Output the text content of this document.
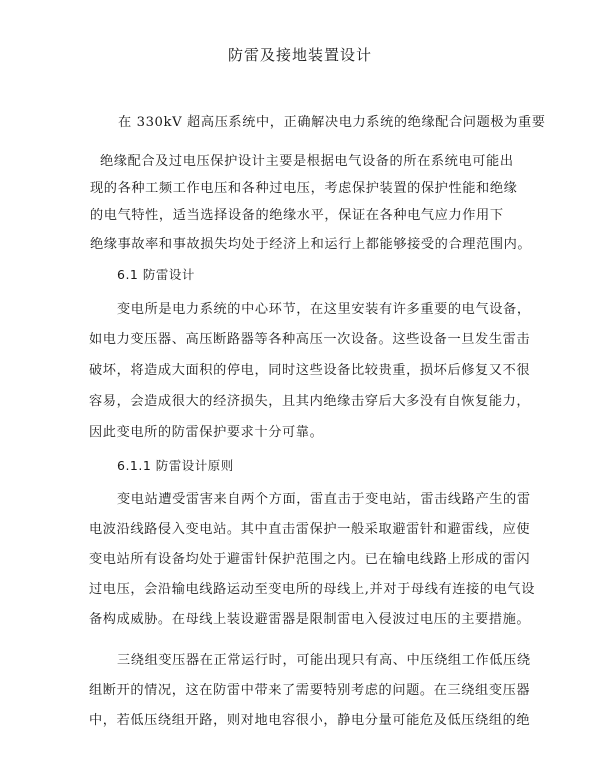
防雷及接地装置设计
在 330kV 超高压系统中，正确解决电力系统的绝缘配合问题极为重要
绝缘配合及过电压保护设计主要是根据电气设备的所在系统电可能出
现的各种工频工作电压和各种过电压，考虑保护装置的保护性能和绝缘
的电气特性，适当选择设备的绝缘水平，保证在各种电气应力作用下
绝缘事故率和事故损失均处于经济上和运行上都能够接受的合理范围内。
6.1 防雷设计
变电所是电力系统的中心环节，在这里安装有许多重要的电气设备，
如电力变压器、高压断路器等各种高压一次设备。这些设备一旦发生雷击
破坏，将造成大面积的停电，同时这些设备比较贵重，损坏后修复又不很
容易，会造成很大的经济损失，且其内绝缘击穿后大多没有自恢复能力，
因此变电所的防雷保护要求十分可靠。
6.1.1 防雷设计原则
变电站遭受雷害来自两个方面，雷直击于变电站，雷击线路产生的雷
电波沿线路侵入变电站。其中直击雷保护一般采取避雷针和避雷线，应使
变电站所有设备均处于避雷针保护范围之内。已在输电线路上形成的雷闪
过电压，会沿输电线路运动至变电所的母线上,并对于母线有连接的电气设
备构成威胁。在母线上装设避雷器是限制雷电入侵波过电压的主要措施。
三绕组变压器在正常运行时，可能出现只有高、中压绕组工作低压绕
组断开的情况，这在防雷中带来了需要特别考虑的问题。在三绕组变压器
中，若低压绕组开路，则对地电容很小，静电分量可能危及低压绕组的绝
